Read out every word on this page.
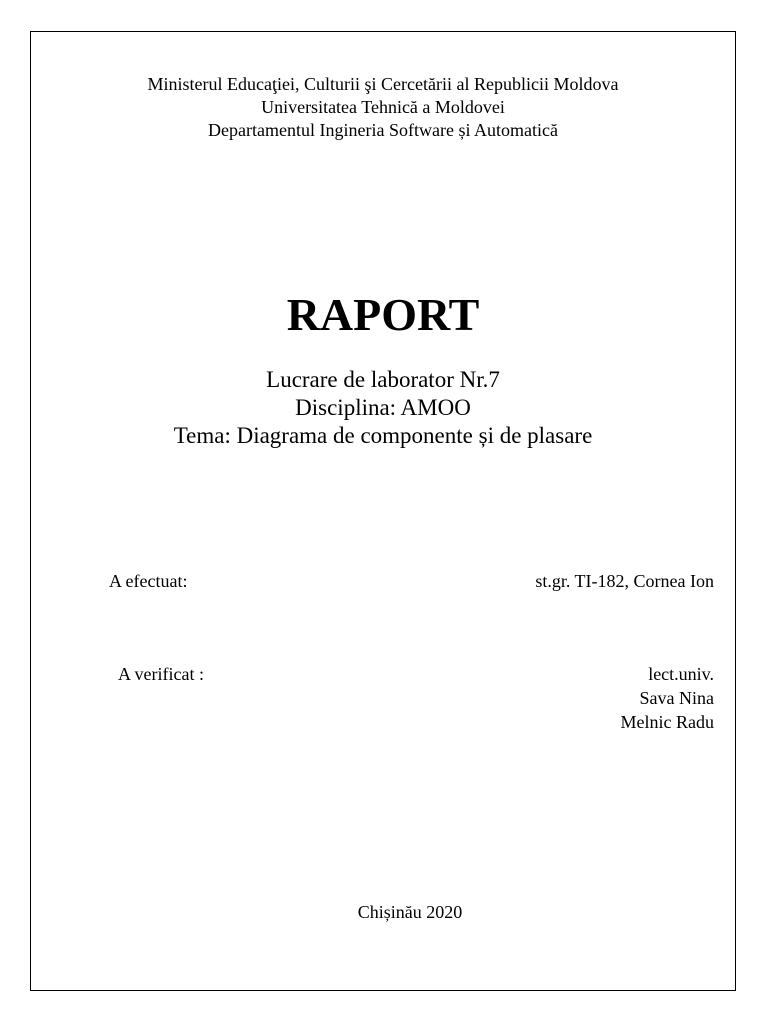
Ministerul Educaţiei, Culturii şi Cercetării al Republicii Moldova
Universitatea Tehnică a Moldovei
Departamentul Ingineria Software și Automatică
RAPORT
Lucrare de laborator Nr.7
Disciplina: AMOO
Tema: Diagrama de componente și de plasare
A efectuat:	st.gr. TI-182, Cornea Ion
A verificat :	lect.univ.
Sava Nina
Melnic Radu
Chișinău 2020
